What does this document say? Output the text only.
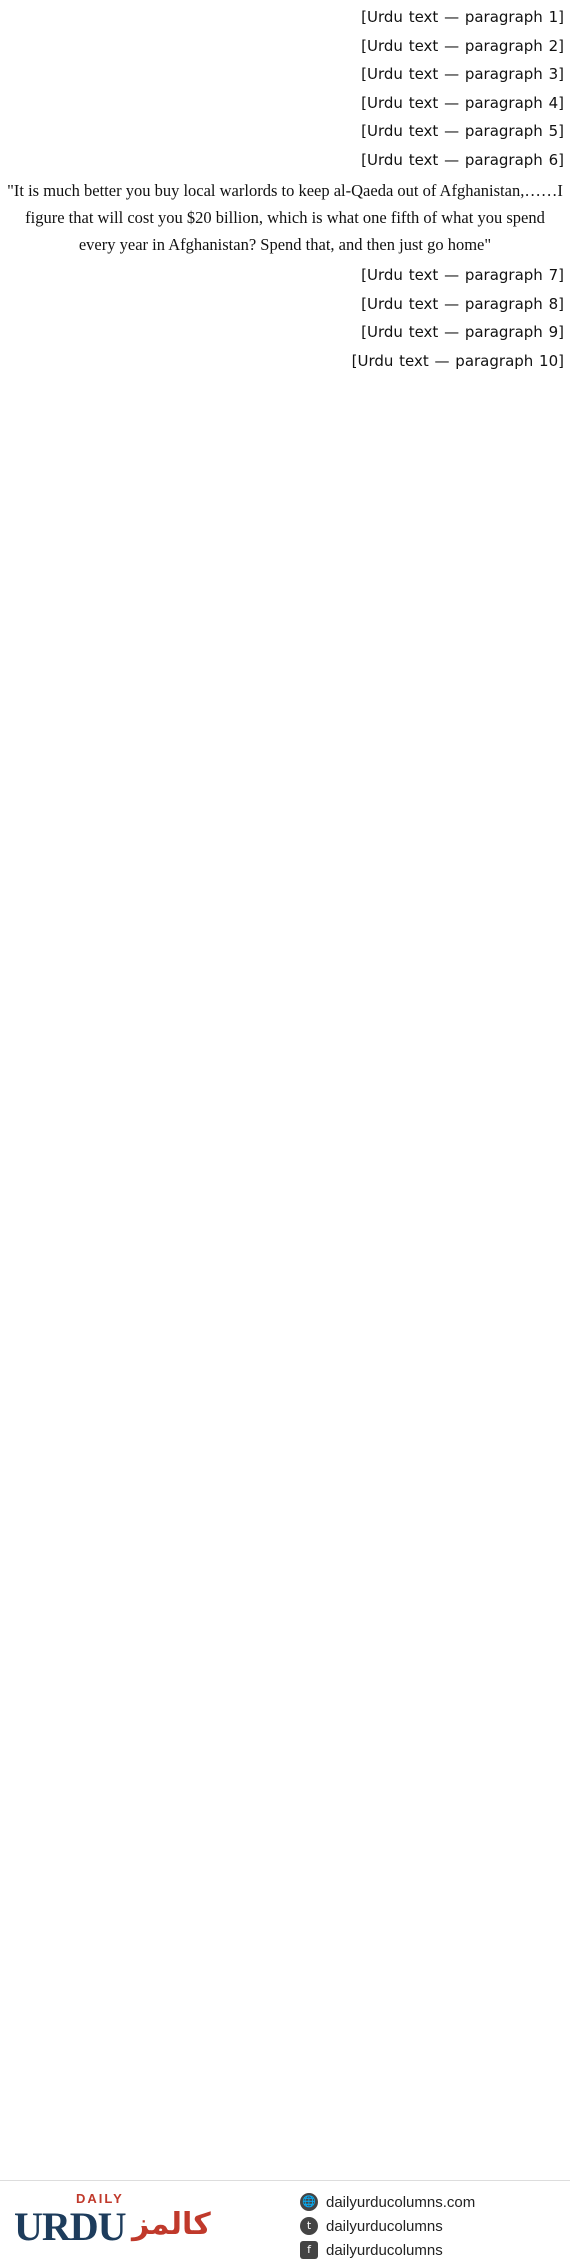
[Urdu text — paragraph 1]
[Urdu text — paragraph 2]
[Urdu text — paragraph 3]
[Urdu text — paragraph 4]
[Urdu text — paragraph 5]
[Urdu text — paragraph 6]
"It is much better you buy local warlords to keep al-Qaeda out of Afghanistan,……I figure that will cost you $20 billion, which is what one fifth of what you spend every year in Afghanistan? Spend that, and then just go home"
[Urdu text — paragraph 7]
[Urdu text — paragraph 8]
[Urdu text — paragraph 9]
[Urdu text — paragraph 10]
DAILY
URDU کالمز
🌐 dailyurducolumns.com
t dailyurducolumns
f	dailyurducolumns
